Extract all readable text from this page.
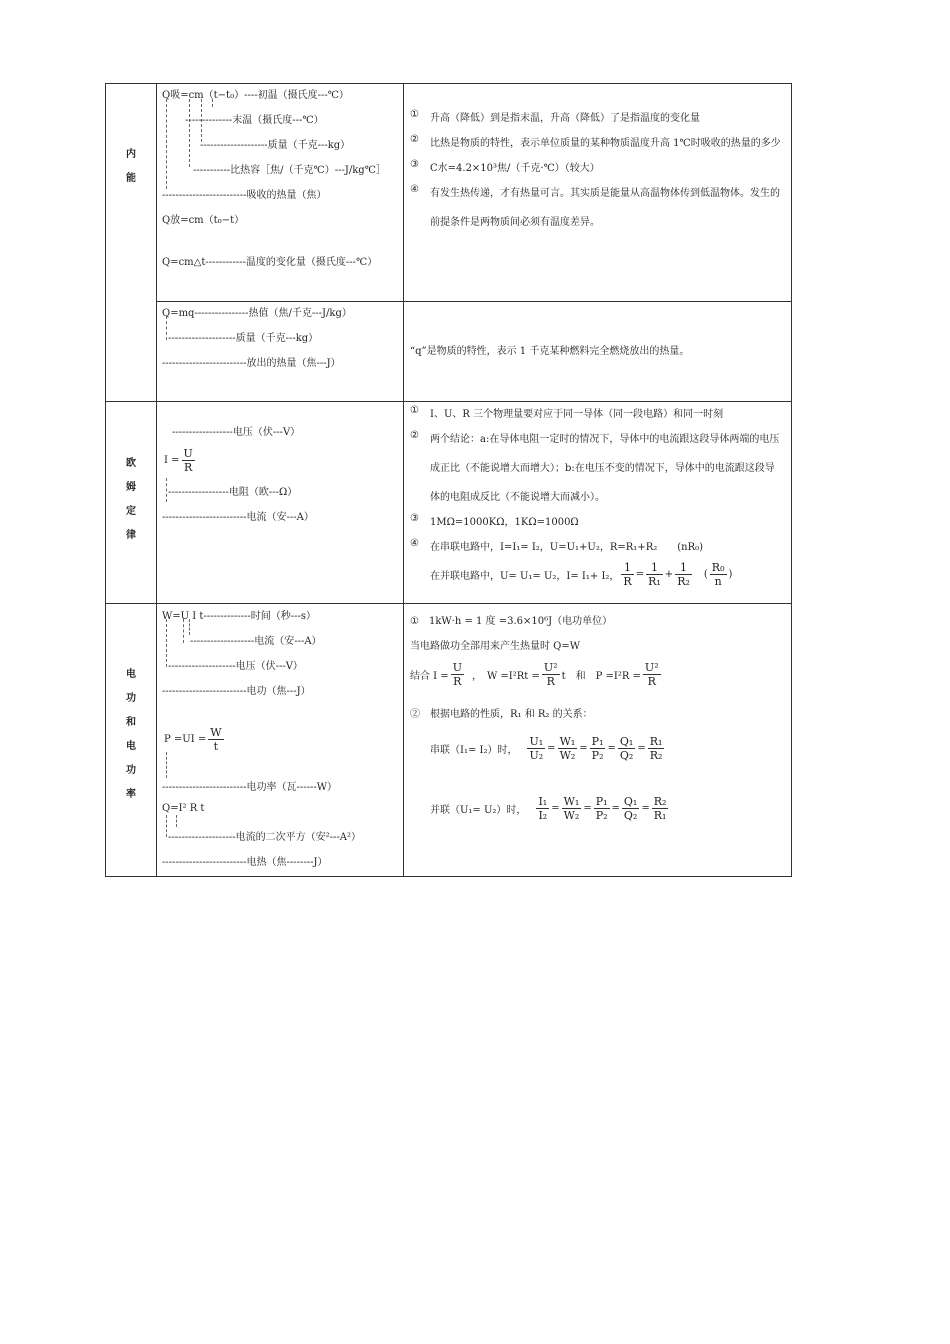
内
能
Q吸=cm（t−t₀）----初温（摄氏度---℃）
--------------末温（摄氏度---℃）
--------------------质量（千克---kg）
-----------比热容［焦/（千克℃）---J/kg℃］
-------------------------吸收的热量（焦）
Q放=cm（t₀−t）
Q=cm△t------------温度的变化量（摄氏度---℃）
① 升高（降低）到是指末温，升高（降低）了是指温度的变化量
② 比热是物质的特性，表示单位质量的某种物质温度升高 1℃时吸收的热量的多少
③ C水=4.2×10³焦/（千克·℃）（较大）
④ 有发生热传递，才有热量可言。其实质是能量从高温物体传到低温物体。发生的
前提条件是两物质间必须有温度差异。
Q=mq----------------热值（焦/千克---J/kg）
--------------------质量（千克---kg）
-------------------------放出的热量（焦---J）
“q”是物质的特性，表示 1 千克某种燃料完全燃烧放出的热量。
欧
姆
定
律
------------------电压（伏---V）
$I = \frac{U}{R}$
------------------电阻（欧---Ω）
-------------------------电流（安---A）
① I、U、R 三个物理量要对应于同一导体（同一段电路）和同一时刻
② 两个结论：a:在导体电阻一定时的情况下，导体中的电流跟这段导体两端的电压
成正比（不能说增大而增大）；b:在电压不变的情况下，导体中的电流跟这段导
体的电阻成反比（不能说增大而减小）。
③ 1MΩ=1000KΩ，1KΩ=1000Ω
④ 在串联电路中，I=I₁= I₂，U=U₁+U₂，R=R₁+R₂　　(nR₀)
在并联电路中，U= U₁= U₂，I= I₁+ I₂， $\frac{1}{R} = \frac{1}{\text{R₁}} + \frac{1}{\text{R₂}}$ ( $\frac{\text{R₀}}{n}$ )
电
功
和
电
功
率
W=U I t--------------时间（秒---s）
-------------------电流（安---A）
--------------------电压（伏---V）
-------------------------电功（焦---J）
$P =UI = \frac{W}{t}$
-------------------------电功率（瓦------W）
Q=I² R t
--------------------电流的二次平方（安²---A²）
-------------------------电热（焦--------J）
①　1kW·h = 1 度 =3.6×10⁶J（电功单位）
当电路做功全部用来产生热量时 Q=W
结合 $I = \frac{U}{R}$ ，　$W =I^2Rt = \frac{\text{U²}}{R}$ t　和　$P =I^2R = \frac{\text{U²}}{R}$
②　根据电路的性质，R₁ 和 R₂ 的关系：
串联（I₁= I₂）时， $\frac{\text{U₁}}{\text{U₂}} = \frac{\text{W₁}}{\text{W₂}} = \frac{\text{P₁}}{\text{P₂}} = \frac{\text{Q₁}}{\text{Q₂}} = \frac{\text{R₁}}{\text{R₂}}$
并联（U₁= U₂）时， $\frac{\text{I₁}}{\text{I₂}} = \frac{\text{W₁}}{\text{W₂}} = \frac{\text{P₁}}{\text{P₂}} = \frac{\text{Q₁}}{\text{Q₂}} = \frac{\text{R₂}}{\text{R₁}}$
